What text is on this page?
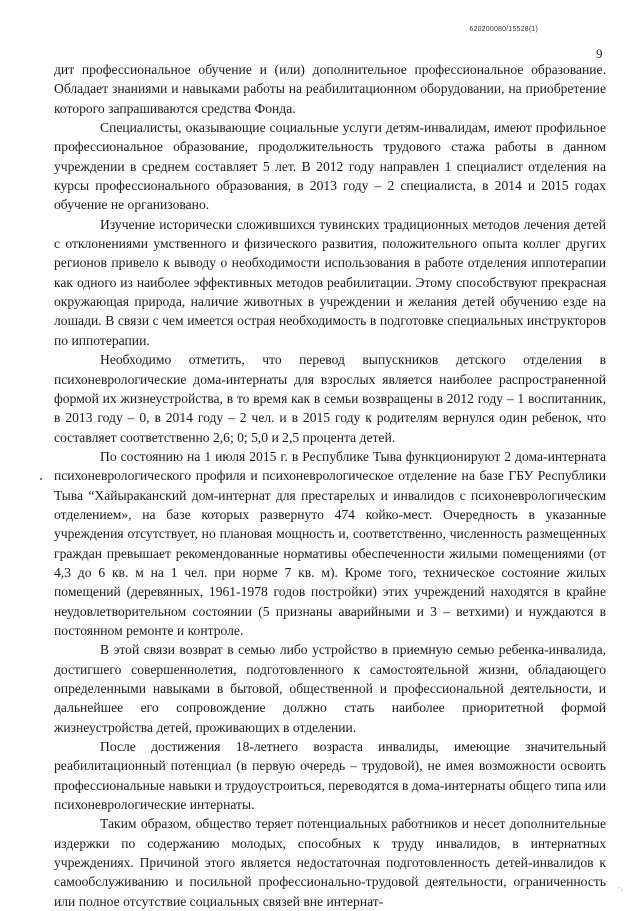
620200080/15528(1)
9

дит профессиональное обучение и (или) дополнительное профессиональное образование. Обладает знаниями и навыками работы на реабилитационном оборудовании, на приобретение которого запрашиваются средства Фонда.

Специалисты, оказывающие социальные услуги детям-инвалидам, имеют профильное профессиональное образование, продолжительность трудового стажа работы в данном учреждении в среднем составляет 5 лет. В 2012 году направлен 1 специалист отделения на курсы профессионального образования, в 2013 году – 2 специалиста, в 2014 и 2015 годах обучение не организовано.

Изучение исторически сложившихся тувинских традиционных методов лечения детей с отклонениями умственного и физического развития, положительного опыта коллег других регионов привело к выводу о необходимости использования в работе отделения иппотерапии как одного из наиболее эффективных методов реабилитации. Этому способствуют прекрасная окружающая природа, наличие животных в учреждении и желания детей обучению езде на лошади. В связи с чем имеется острая необходимость в подготовке специальных инструкторов по иппотерапии.

Необходимо отметить, что перевод выпускников детского отделения в психоневрологические дома-интернаты для взрослых является наиболее распространенной формой их жизнеустройства, в то время как в семьи возвращены в 2012 году – 1 воспитанник, в 2013 году – 0, в 2014 году – 2 чел. и в 2015 году к родителям вернулся один ребенок, что составляет соответственно 2,6; 0; 5,0 и 2,5 процента детей.

По состоянию на 1 июля 2015 г. в Республике Тыва функционируют 2 дома-интерната психоневрологического профиля и психоневрологическое отделение на базе ГБУ Республики Тыва “Хайыраканский дом-интернат для престарелых и инвалидов с психоневрологическим отделением», на базе которых развернуто 474 койко-мест. Очередность в указанные учреждения отсутствует, но плановая мощность и, соответственно, численность размещенных граждан превышает рекомендованные нормативы обеспеченности жилыми помещениями (от 4,3 до 6 кв. м на 1 чел. при норме 7 кв. м). Кроме того, техническое состояние жилых помещений (деревянных, 1961-1978 годов постройки) этих учреждений находятся в крайне неудовлетворительном состоянии (5 признаны аварийными и 3 – ветхими) и нуждаются в постоянном ремонте и контроле.

В этой связи возврат в семью либо устройство в приемную семью ребенка-инвалида, достигшего совершеннолетия, подготовленного к самостоятельной жизни, обладающего определенными навыками в бытовой, общественной и профессиональной деятельности, и дальнейшее его сопровождение должно стать наиболее приоритетной формой жизнеустройства детей, проживающих в отделении.

После достижения 18-летнего возраста инвалиды, имеющие значительный реабилитационный потенциал (в первую очередь – трудовой), не имея возможности освоить профессиональные навыки и трудоустроиться, переводятся в дома-интернаты общего типа или психоневрологические интернаты.

Таким образом, общество теряет потенциальных работников и несет дополнительные издержки по содержанию молодых, способных к труду инвалидов, в интернатных учреждениях. Причиной этого является недостаточная подготовленность детей-инвалидов к самообслуживанию и посильной профессионально-трудовой деятельности, ограниченность или полное отсутствие социальных связей вне интернат-

·,
